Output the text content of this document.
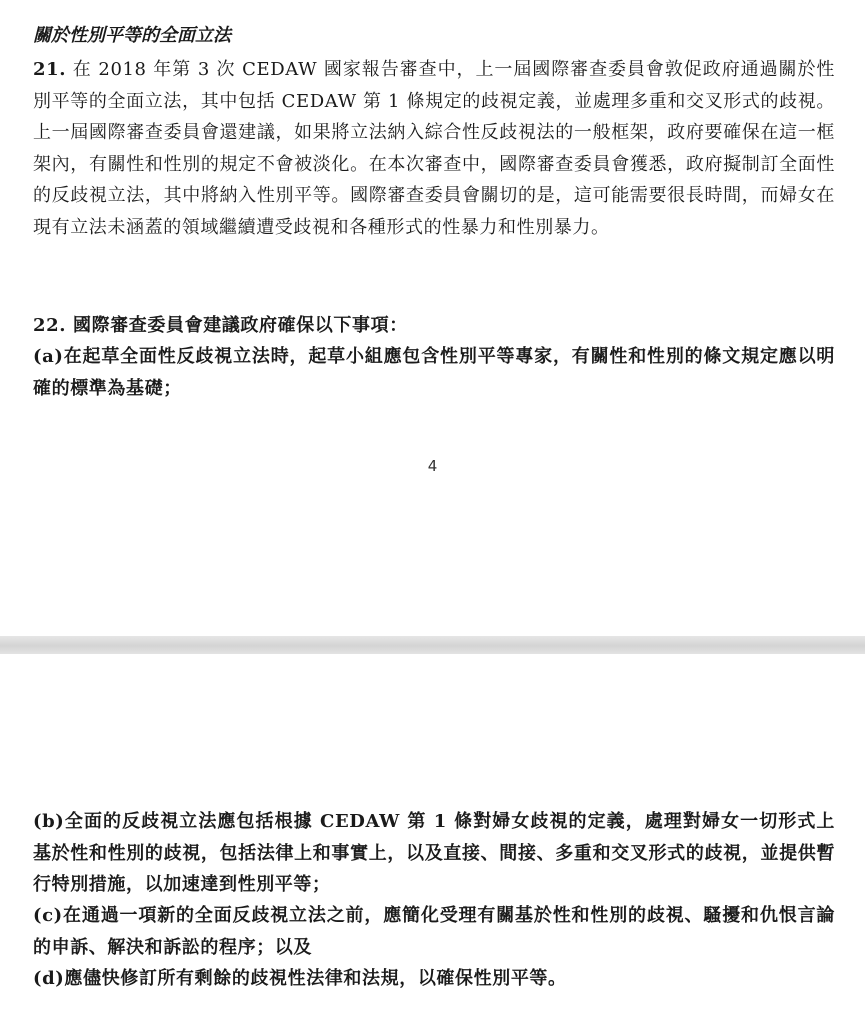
關於性別平等的全面立法

21. 在 2018 年第 3 次 CEDAW 國家報告審查中，上一屆國際審查委員會敦促政府通過關於性別平等的全面立法，其中包括 CEDAW 第 1 條規定的歧視定義，並處理多重和交叉形式的歧視。上一屆國際審查委員會還建議，如果將立法納入綜合性反歧視法的一般框架，政府要確保在這一框架內，有關性和性別的規定不會被淡化。在本次審查中，國際審查委員會獲悉，政府擬制訂全面性的反歧視立法，其中將納入性別平等。國際審查委員會關切的是，這可能需要很長時間，而婦女在現有立法未涵蓋的領域繼續遭受歧視和各種形式的性暴力和性別暴力。

22. 國際審查委員會建議政府確保以下事項：

(a)在起草全面性反歧視立法時，起草小組應包含性別平等專家，有關性和性別的條文規定應以明確的標準為基礎；

4

(b)全面的反歧視立法應包括根據 CEDAW 第 1 條對婦女歧視的定義，處理對婦女一切形式上基於性和性別的歧視，包括法律上和事實上，以及直接、間接、多重和交叉形式的歧視，並提供暫行特別措施，以加速達到性別平等；

(c)在通過一項新的全面反歧視立法之前，應簡化受理有關基於性和性別的歧視、騷擾和仇恨言論的申訴、解決和訴訟的程序；以及

(d)應儘快修訂所有剩餘的歧視性法律和法規，以確保性別平等。
